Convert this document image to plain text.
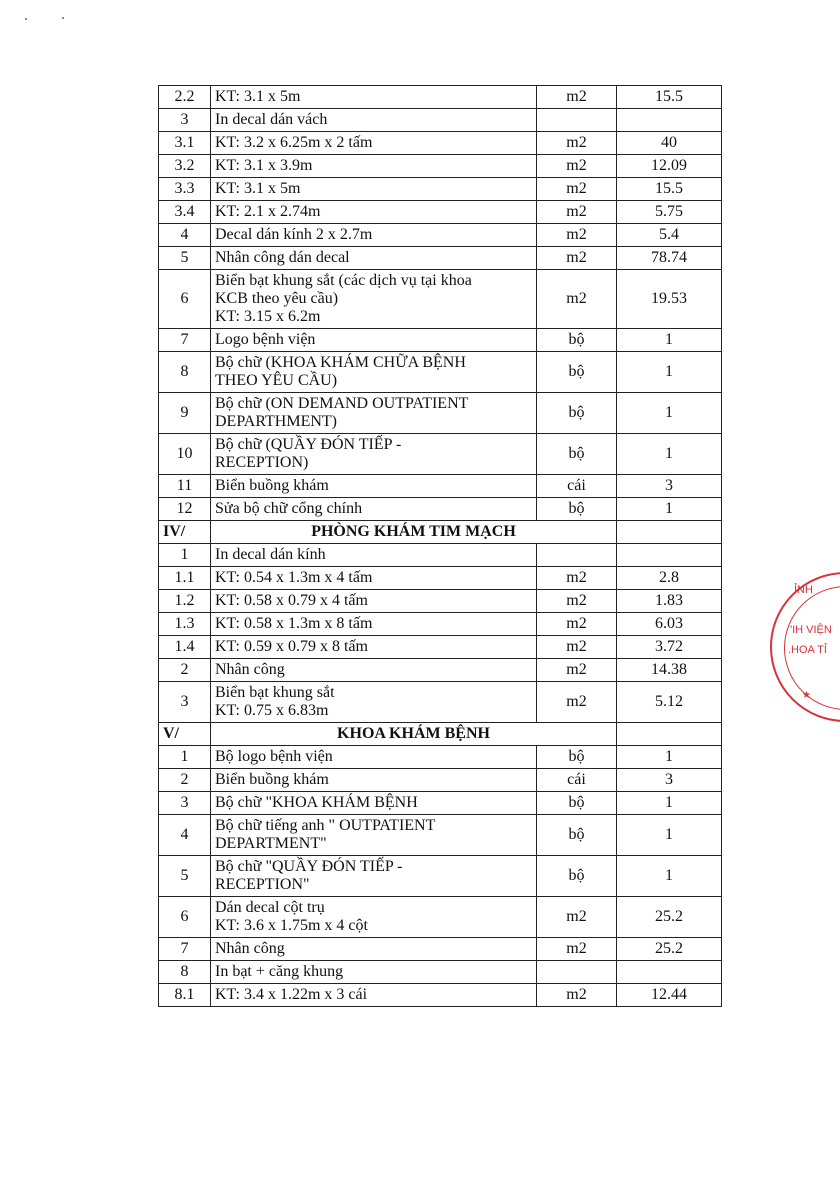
2.2	KT: 3.1 x 5m	m2	15.5
3	In decal dán vách		
3.1	KT: 3.2 x 6.25m x 2 tấm	m2	40
3.2	KT: 3.1 x 3.9m	m2	12.09
3.3	KT: 3.1 x 5m	m2	15.5
3.4	KT: 2.1 x 2.74m	m2	5.75
4	Decal dán kính 2 x 2.7m	m2	5.4
5	Nhân công dán decal	m2	78.74
6	Biển bạt khung sắt (các dịch vụ tại khoa
KCB theo yêu cầu)
KT: 3.15 x 6.2m	m2	19.53
7	Logo bệnh viện	bộ	1
8	Bộ chữ (KHOA KHÁM CHỮA BỆNH
THEO YÊU CẦU)	bộ	1
9	Bộ chữ (ON DEMAND OUTPATIENT
DEPARTHMENT)	bộ	1
10	Bộ chữ (QUẦY ĐÓN TIẾP -
RECEPTION)	bộ	1
11	Biển buồng khám	cái	3
12	Sửa bộ chữ cổng chính	bộ	1
IV/	PHÒNG KHÁM TIM MẠCH		
1	In decal dán kính		
1.1	KT: 0.54 x 1.3m x 4 tấm	m2	2.8
1.2	KT: 0.58 x 0.79 x 4 tấm	m2	1.83
1.3	KT: 0.58 x 1.3m x 8 tấm	m2	6.03
1.4	KT: 0.59 x 0.79 x 8 tấm	m2	3.72
2	Nhân công	m2	14.38
3	Biển bạt khung sắt
KT: 0.75 x 6.83m	m2	5.12
V/	KHOA KHÁM BỆNH		
1	Bộ logo bệnh viện	bộ	1
2	Biển buồng khám	cái	3
3	Bộ chữ "KHOA KHÁM BỆNH	bộ	1
4	Bộ chữ tiếng anh " OUTPATIENT
DEPARTMENT"	bộ	1
5	Bộ chữ "QUẦY ĐÓN TIẾP -
RECEPTION"	bộ	1
6	Dán decal cột trụ
KT: 3.6 x 1.75m x 4 cột	m2	25.2
7	Nhân công	m2	25.2
8	In bạt + căng khung		
8.1	KT: 3.4 x 1.22m x 3 cái	m2	12.44
ỈNH
'IH VIỆN
.HOA TỈ
★
